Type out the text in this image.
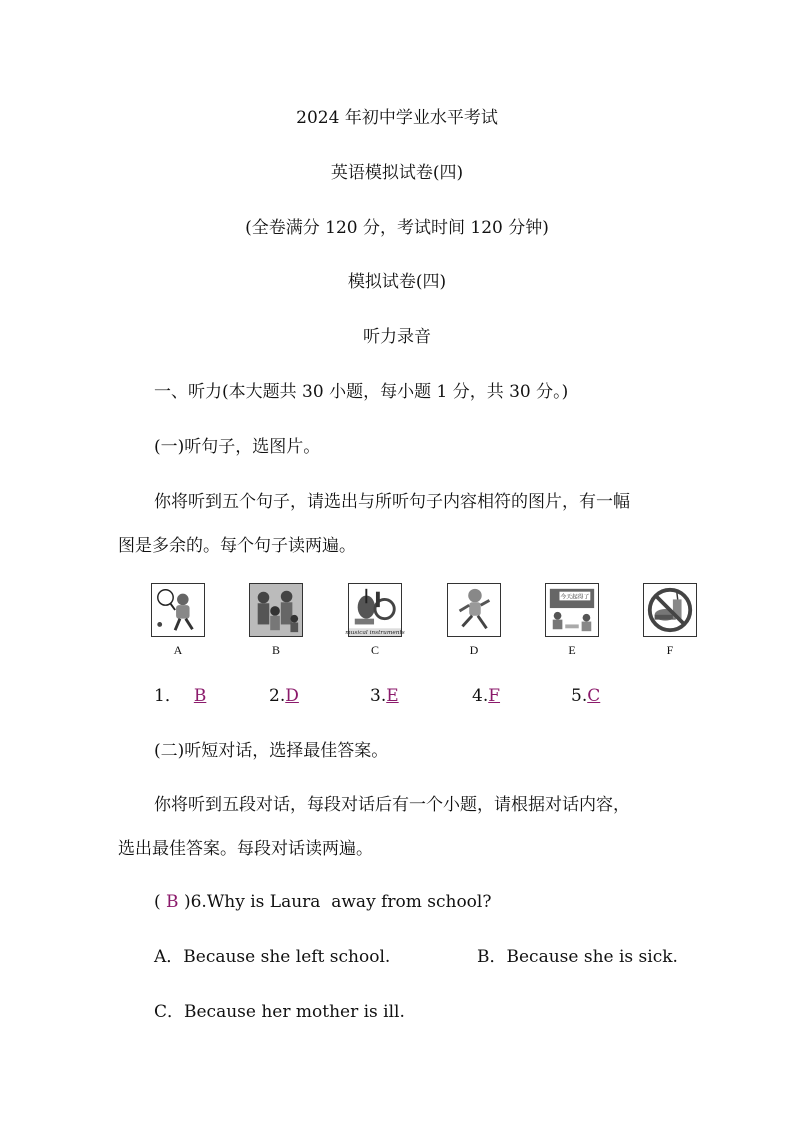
2024 年初中学业水平考试
英语模拟试卷(四)
(全卷满分 120 分，考试时间 120 分钟)
模拟试卷(四)
听力录音
一、听力(本大题共 30 小题，每小题 1 分，共 30 分。)
(一)听句子，选图片。
你将听到五个句子，请选出与所听句子内容相符的图片，有一幅
图是多余的。每个句子读两遍。
A	B
musical instruments
C	D
今天起得了
E	F
1． B	2.D	3.E	4.F	5.C
(二)听短对话，选择最佳答案。
你将听到五段对话，每段对话后有一个小题，请根据对话内容，
选出最佳答案。每段对话读两遍。
( B )6.Why is Laura  away from school?
A．Because she left school.	B．Because she is sick.
C．Because her mother is ill.
